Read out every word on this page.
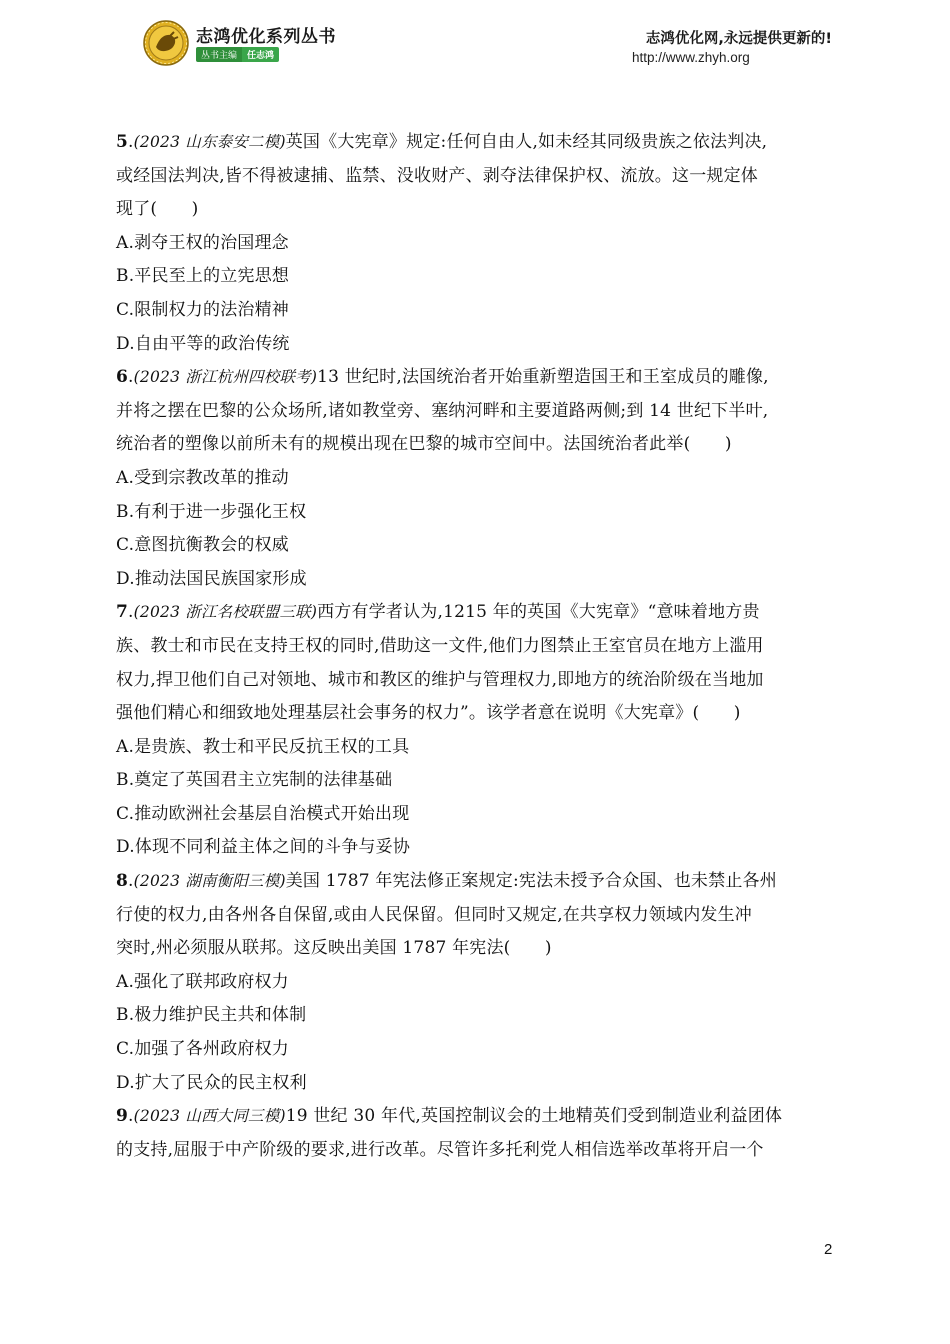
志鸿优化系列丛书
丛书主编	任志鸿
志鸿优化网,永远提供更新的!
http://www.zhyh.org
5.(2023 山东泰安二模)英国《大宪章》规定:任何自由人,如未经其同级贵族之依法判决,
或经国法判决,皆不得被逮捕、监禁、没收财产、剥夺法律保护权、流放。这一规定体
现了(　　)
A.剥夺王权的治国理念
B.平民至上的立宪思想
C.限制权力的法治精神
D.自由平等的政治传统
6.(2023 浙江杭州四校联考)13 世纪时,法国统治者开始重新塑造国王和王室成员的雕像,
并将之摆在巴黎的公众场所,诸如教堂旁、塞纳河畔和主要道路两侧;到 14 世纪下半叶,
统治者的塑像以前所未有的规模出现在巴黎的城市空间中。法国统治者此举(　　)
A.受到宗教改革的推动
B.有利于进一步强化王权
C.意图抗衡教会的权威
D.推动法国民族国家形成
7.(2023 浙江名校联盟三联)西方有学者认为,1215 年的英国《大宪章》“意味着地方贵
族、教士和市民在支持王权的同时,借助这一文件,他们力图禁止王室官员在地方上滥用
权力,捍卫他们自己对领地、城市和教区的维护与管理权力,即地方的统治阶级在当地加
强他们精心和细致地处理基层社会事务的权力”。该学者意在说明《大宪章》(　　)
A.是贵族、教士和平民反抗王权的工具
B.奠定了英国君主立宪制的法律基础
C.推动欧洲社会基层自治模式开始出现
D.体现不同利益主体之间的斗争与妥协
8.(2023 湖南衡阳三模)美国 1787 年宪法修正案规定:宪法未授予合众国、也未禁止各州
行使的权力,由各州各自保留,或由人民保留。但同时又规定,在共享权力领域内发生冲
突时,州必须服从联邦。这反映出美国 1787 年宪法(　　)
A.强化了联邦政府权力
B.极力维护民主共和体制
C.加强了各州政府权力
D.扩大了民众的民主权利
9.(2023 山西大同三模)19 世纪 30 年代,英国控制议会的土地精英们受到制造业利益团体
的支持,屈服于中产阶级的要求,进行改革。尽管许多托利党人相信选举改革将开启一个
2
